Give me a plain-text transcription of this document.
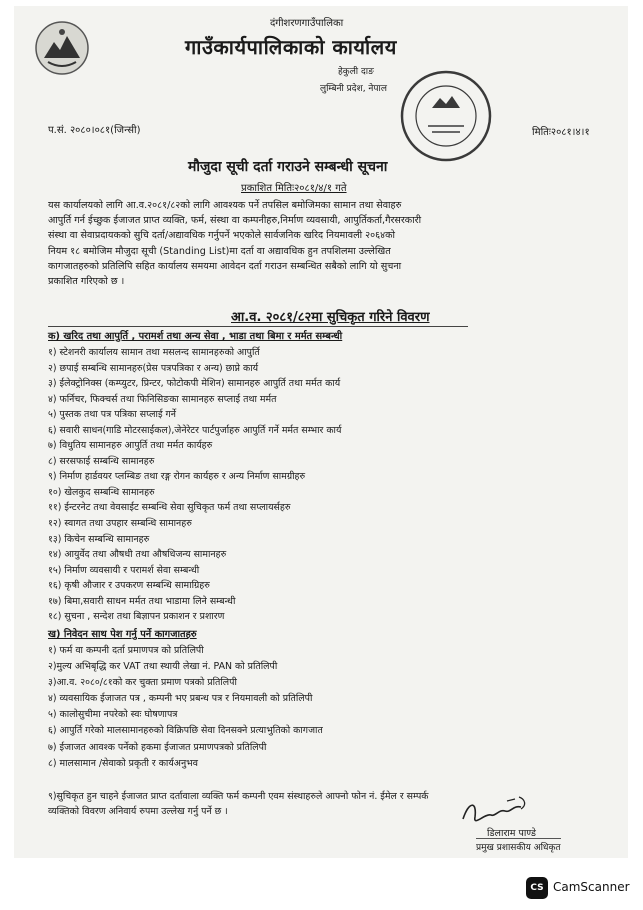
दंगीशरणगाउँपालिका
गाउँकार्यपालिकाको कार्यालय
हेकुली दाङ
लुम्बिनी प्रदेश, नेपाल
प.सं. २०८०।०८१(जिन्सी)	मितिः२०८१।४।१
मौजुदा सूची दर्ता गराउने सम्बन्धी सूचना
प्रकाशित मितिः२०८१/४/१ गते
यस कार्यालयको लागि आ.व.२०८१/८२को लागि आवश्यक पर्ने तपसिल बमोजिमका सामान तथा सेवाहरु
आपुर्ति गर्न ईच्छुक ईजाजत प्राप्त व्यक्ति, फर्म, संस्था वा कम्पनीहरु,निर्माण व्यवसायी, आपुर्तिकर्ता,गैरसरकारी
संस्था वा सेवाप्रदायकको सुचि दर्ता/अद्यावधिक गर्नुपर्ने भएकोले सार्वजनिक खरिद नियमावली २०६४को
नियम १८ बमोजिम मौजुदा सूची (Standing List)मा दर्ता वा अद्यावधिक हुन तपशिलमा उल्लेखित
कागजातहरुको प्रतिलिपि सहित कार्यालय समयमा आवेदन दर्ता गराउन सम्बन्धित सबैको लागि यो सुचना
प्रकाशित गरिएको छ ।
आ.व. २०८१/८२मा सुचिकृत गरिने विवरण
क) खरिद तथा आपुर्ति , परामर्श तथा अन्य सेवा , भाडा तथा बिमा र मर्मत सम्बन्धी
१) स्टेशनरी कार्यालय सामान तथा मसलन्द सामानहरुको आपुर्ति
२) छपाई सम्बन्धि सामानहरु(प्रेस पत्रपत्रिका र अन्य) छाप्ने कार्य
३) ईलेक्ट्रोनिक्स (कम्प्युटर, प्रिन्टर, फोटोकपी मेशिन) सामानहरु आपुर्ति तथा मर्मत कार्य
४) फर्निचर, फिक्चर्स तथा फिनिसिङका सामानहरु सप्लाई तथा मर्मत
५) पुस्तक तथा पत्र पत्रिका सप्लाई गर्ने
६) सवारी साधन(गाडि मोटरसाईकल),जेनेरेटर पार्टपुर्जाहरु आपुर्ति गर्ने मर्मत सम्भार कार्य
७) विधुतिय सामानहरु आपुर्ति तथा मर्मत कार्यहरु
८) सरसफाई सम्बन्धि सामानहरु
९) निर्माण हार्डवयर प्लम्बिङ तथा रङ्ग रोगन कार्यहरु र अन्य निर्माण सामग्रीहरु
१०) खेलकुद सम्बन्धि सामानहरु
११) ईन्टरनेट तथा वेवसाईट सम्बन्धि सेवा सुचिकृत फर्म तथा सप्लायर्सहरु
१२) स्वागत तथा उपहार सम्बन्धि सामानहरु
१३) किचेन सम्बन्धि सामानहरु
१४) आयुर्वेद तथा औषधी तथा औषधिजन्य सामानहरु
१५) निर्माण व्यवसायी र परामर्श सेवा सम्बन्धी
१६) कृषी औजार र उपकरण सम्बन्धि सामाग्रिहरु
१७) बिमा,सवारी साधन मर्मत तथा भाडामा लिने सम्बन्धी
१८) सुचना , सन्देश तथा बिज्ञापन प्रकाशन र प्रशारण
ख) निवेदन साथ पेश गर्नु पर्ने कागजातहरु
१) फर्म वा कम्पनी दर्ता प्रमाणपत्र को प्रतिलिपी
२)मुल्य अभिबृद्धि कर VAT तथा स्थायी लेखा नं. PAN को प्रतिलिपी
३)आ.व. २०८०/८१को कर चुक्ता प्रमाण पत्रको प्रतिलिपी
४) व्यवसायिक ईजाजत पत्र , कम्पनी भए प्रबन्ध पत्र र नियमावली को प्रतिलिपी
५) कालोसुचीमा नपरेको स्वः घोषणापत्र
६) आपुर्ति गरेको मालसामानहरुको विक्रिपछि सेवा दिनसक्ने प्रत्याभुतिको कागजात
७) ईजाजत आवश्क पर्नेको हकमा ईजाजत प्रमाणपत्रको प्रतिलिपी
८) मालसामान /सेवाको प्रकृती र कार्यअनुभव
९)सुचिकृत हुन चाहने ईजाजत प्राप्त दर्तावाला व्यक्ति फर्म कम्पनी एवम संस्थाहरुले आफ्नो फोन नं. ईमेल र सम्पर्क
व्यक्तिको विवरण अनिवार्य रुपमा उल्लेख गर्नु पर्ने छ ।
डिलाराम पाण्डे
प्रमुख प्रशासकीय अधिकृत
CS CamScanner
